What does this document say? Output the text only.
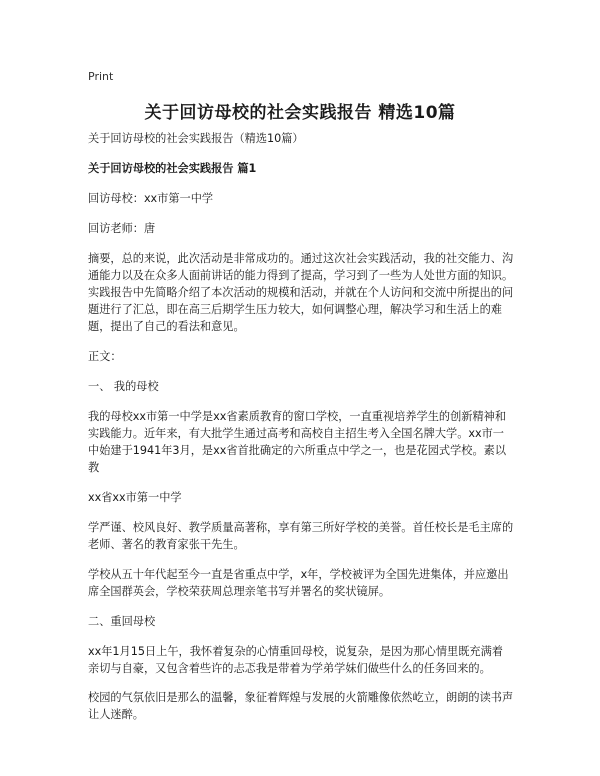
Print
关于回访母校的社会实践报告 精选10篇

关于回访母校的社会实践报告（精选10篇）

关于回访母校的社会实践报告 篇1

回访母校：xx市第一中学

回访老师：唐

摘要，总的来说，此次活动是非常成功的。通过这次社会实践活动，我的社交能力、沟通能力以及在众多人面前讲话的能力得到了提高，学习到了一些为人处世方面的知识。实践报告中先简略介绍了本次活动的规模和活动，并就在个人访问和交流中所提出的问题进行了汇总，即在高三后期学生压力较大，如何调整心理，解决学习和生活上的难题，提出了自己的看法和意见。

正文：

一、 我的母校

我的母校xx市第一中学是xx省素质教育的窗口学校，一直重视培养学生的创新精神和实践能力。近年来，有大批学生通过高考和高校自主招生考入全国名牌大学。xx市一中始建于1941年3月，是xx省首批确定的六所重点中学之一，也是花园式学校。素以教

xx省xx市第一中学

学严谨、校风良好、教学质量高著称，享有第三所好学校的美誉。首任校长是毛主席的老师、著名的教育家张干先生。

学校从五十年代起至今一直是省重点中学，x年，学校被评为全国先进集体，并应邀出席全国群英会，学校荣获周总理亲笔书写并署名的奖状镜屏。

二、重回母校

xx年1月15日上午，我怀着复杂的心情重回母校，说复杂，是因为那心情里既充满着亲切与自豪，又包含着些许的忐忑我是带着为学弟学妹们做些什么的任务回来的。

校园的气氛依旧是那么的温馨，象征着辉煌与发展的火箭雕像依然屹立，朗朗的读书声让人迷醉。
